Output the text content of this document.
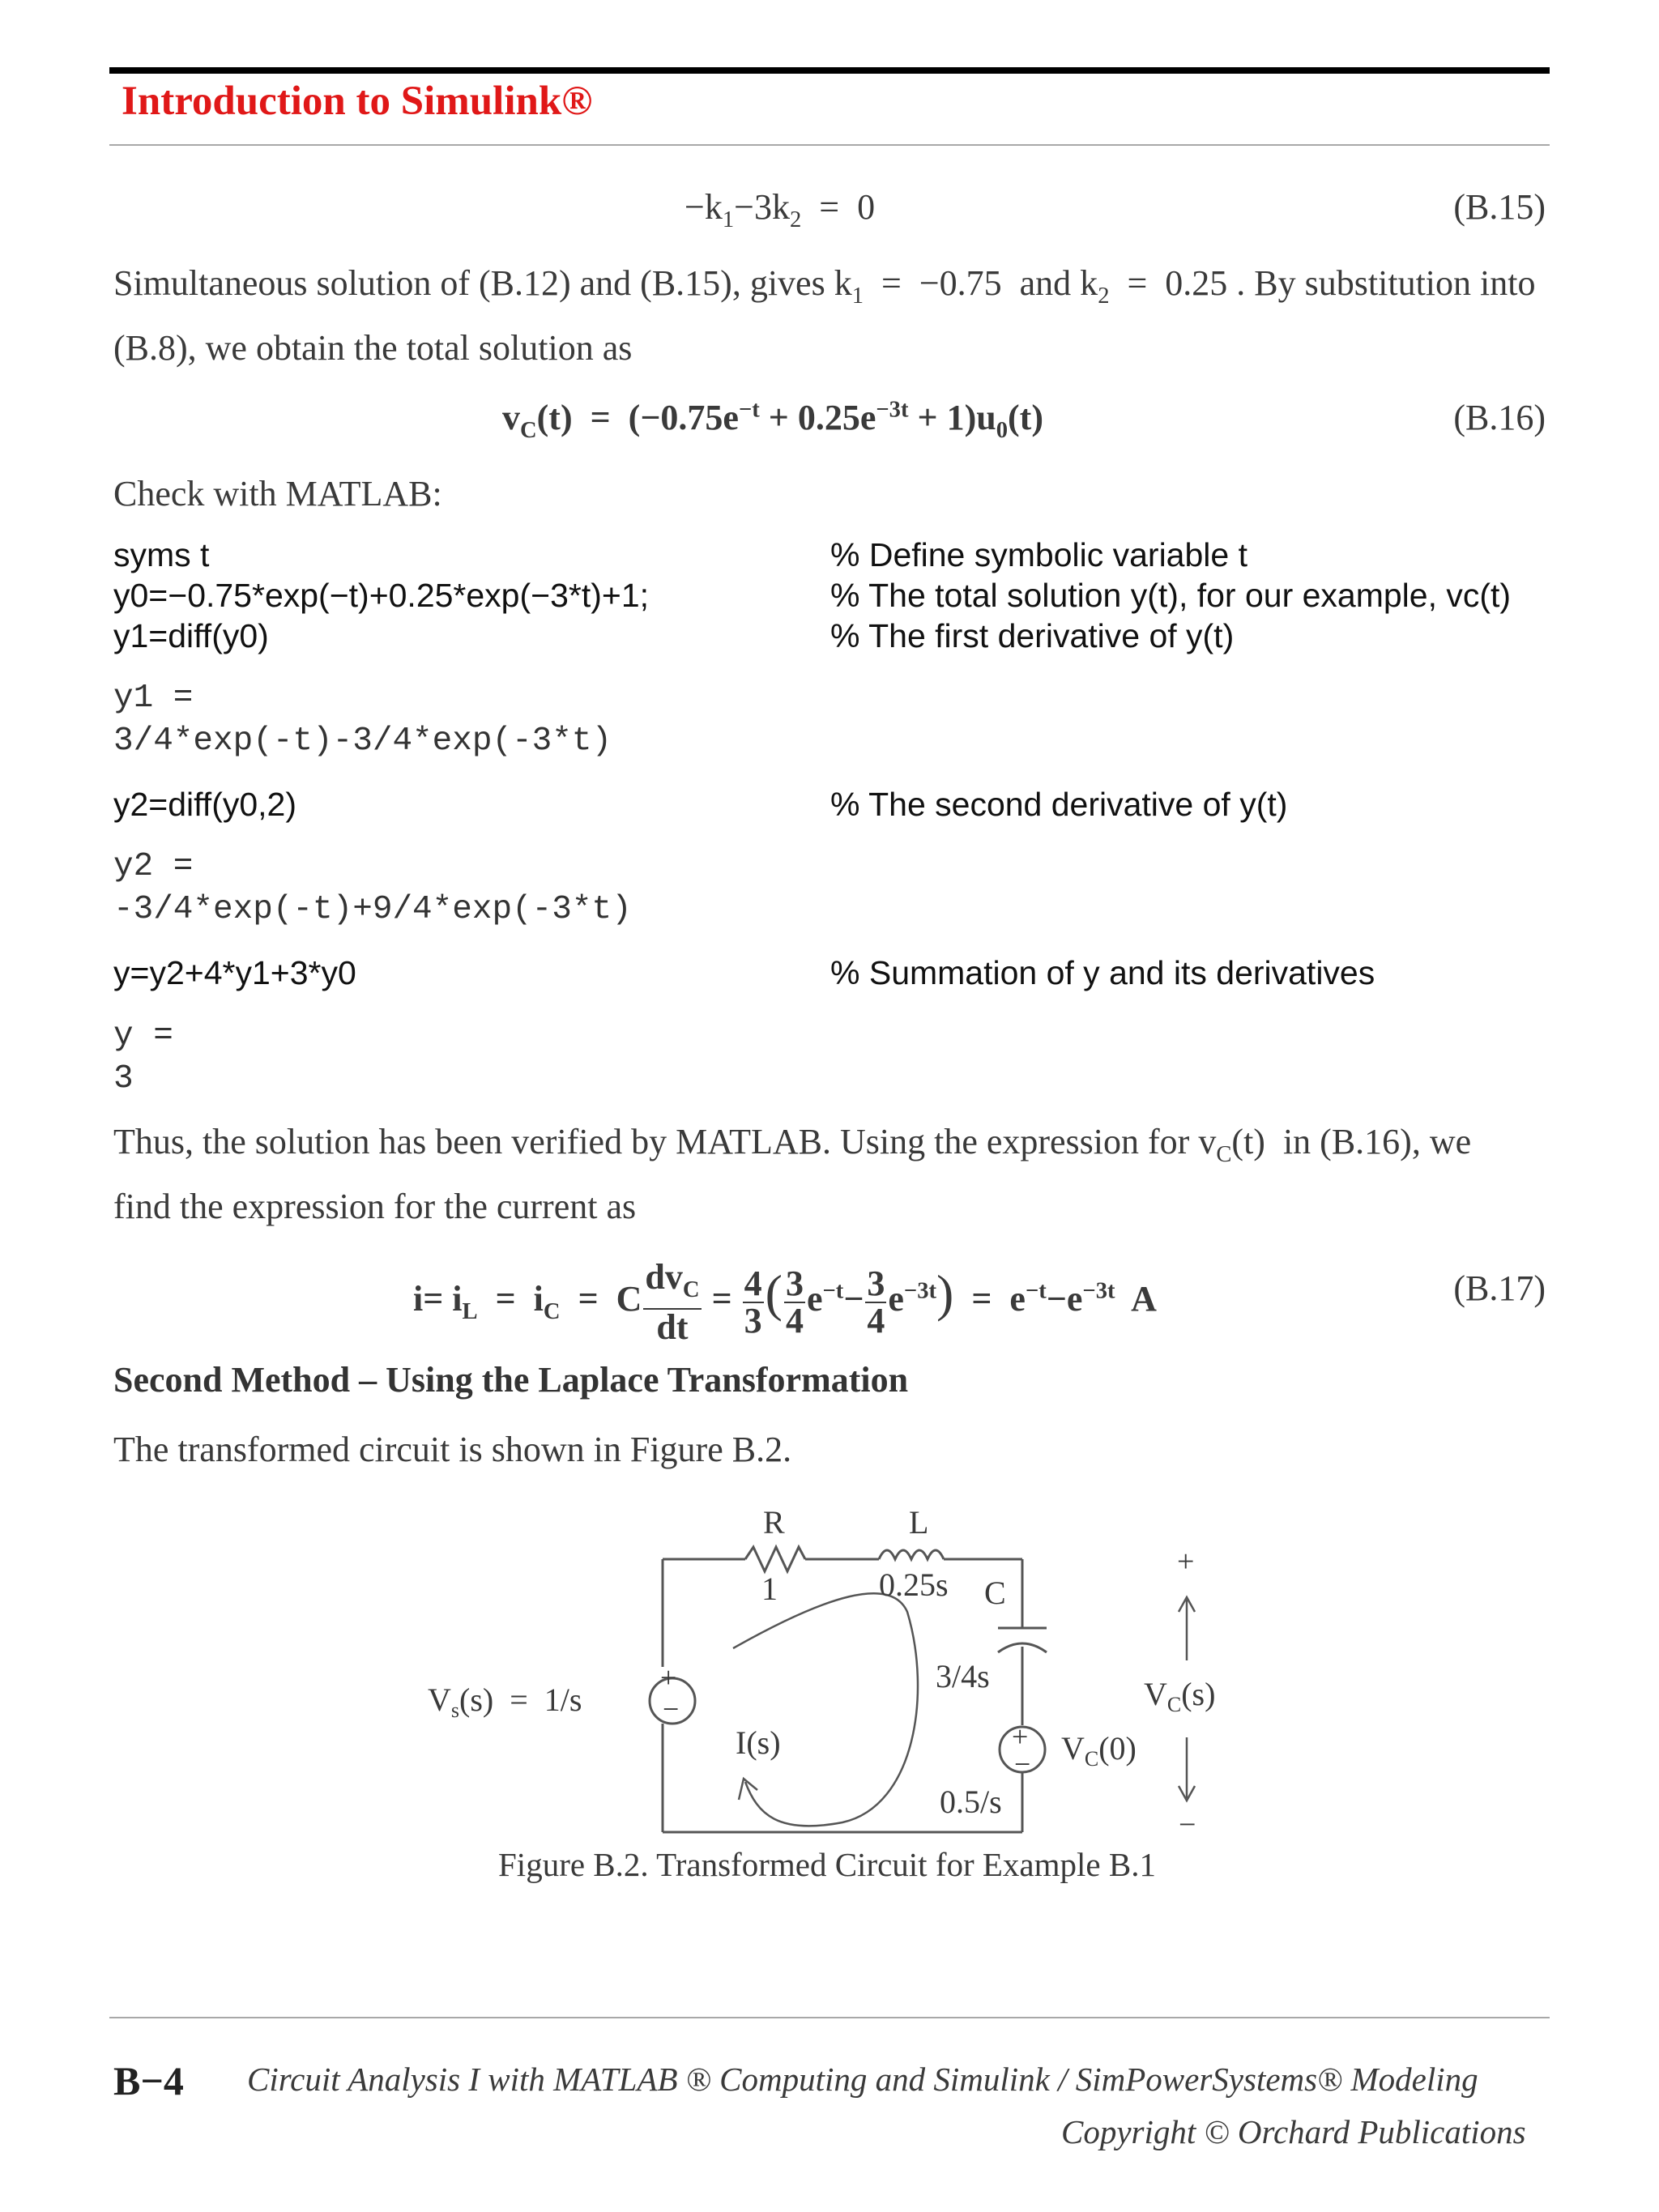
Introduction to Simulink®
$-k_1-3k_2 = 0$	(B.15)
Simultaneous solution of (B.12) and (B.15), gives $k_1 = -0.75$  and $k_2 = 0.25$ . By substitution into
(B.8), we obtain the total solution as
$v_C(t) = (-0.75e^{-t} + 0.25e^{-3t} + 1)u_0(t)$	(B.16)
Check with MATLAB:
syms t	% Define symbolic variable t
y0=−0.75*exp(−t)+0.25*exp(−3*t)+1;	% The total solution y(t), for our example, vc(t)
y1=diff(y0)	% The first derivative of y(t)
y1 =
3/4*exp(-t)-3/4*exp(-3*t)
y2=diff(y0,2)	% The second derivative of y(t)
y2 =
-3/4*exp(-t)+9/4*exp(-3*t)
y=y2+4*y1+3*y0	% Summation of y and its derivatives
y =
3
Thus, the solution has been verified by MATLAB. Using the expression for $v_C(t)$  in (B.16), we
find the expression for the current as
$i= i_L = i_C = C \frac{dv_C}{dt} = \frac{4}{3}$ ( $\frac{3}{4} e^{-t}- \frac{3}{4} e^{-3t}) = e^{-t}-e^{-3t}$  A	(B.17)
Second Method – Using the Laplace Transformation
The transformed circuit is shown in Figure B.2.
R
1
L
0.25s C
3/4s
$V_s(s) = 1/s$
+
−
I(s)	+
− $V_C(0)$
0.5/s
+
$V_C(s)$
−
Figure B.2. Transformed Circuit for Example B.1
B−4 Circuit Analysis I with MATLAB ® Computing and Simulink / SimPowerSystems® Modeling
Copyright © Orchard Publications
